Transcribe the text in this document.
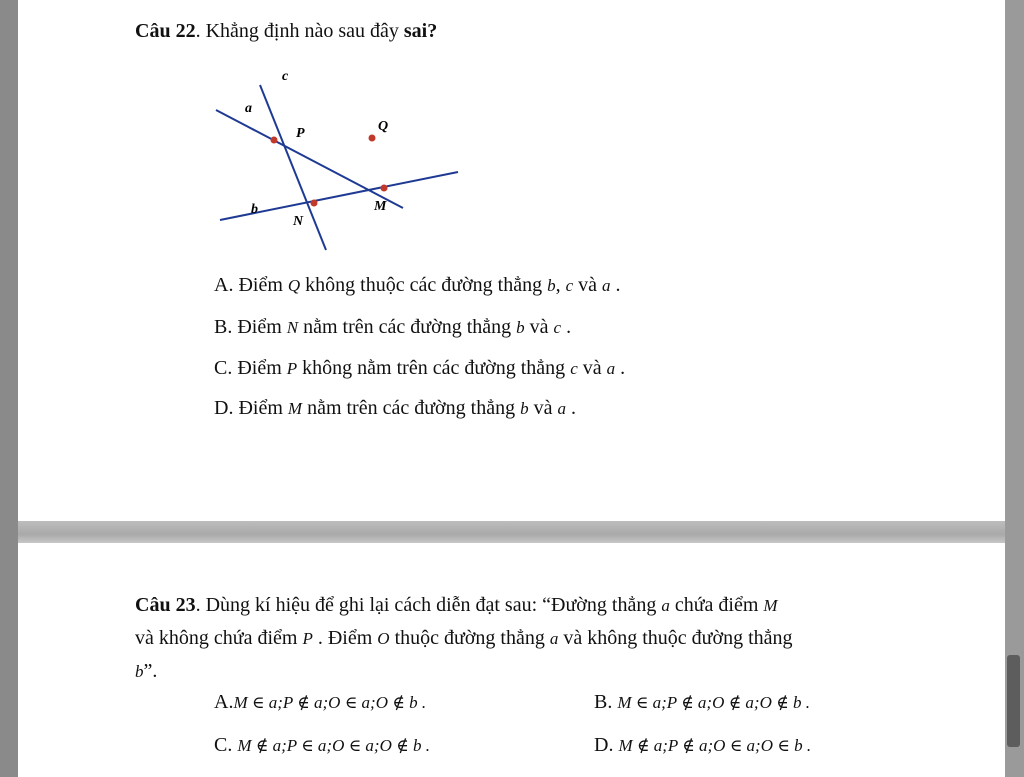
Câu 22. Khẳng định nào sau đây sai?
c
a
P	Q
b
N
M
A. Điểm Q không thuộc các đường thẳng b, c và a .
B. Điểm N nằm trên các đường thẳng b và c .
C. Điểm P không nằm trên các đường thẳng c và a .
D. Điểm M nằm trên các đường thẳng b và a .
Câu 23. Dùng kí hiệu để ghi lại cách diễn đạt sau: “Đường thẳng a chứa điểm M
và không chứa điểm P . Điểm O thuộc đường thẳng a và không thuộc đường thẳng
b”.
A.M ∈ a;P ∉ a;O ∈ a;O ∉ b .	B. M ∈ a;P ∉ a;O ∉ a;O ∉ b .
C. M ∉ a;P ∈ a;O ∈ a;O ∉ b .	D. M ∉ a;P ∉ a;O ∈ a;O ∈ b .
